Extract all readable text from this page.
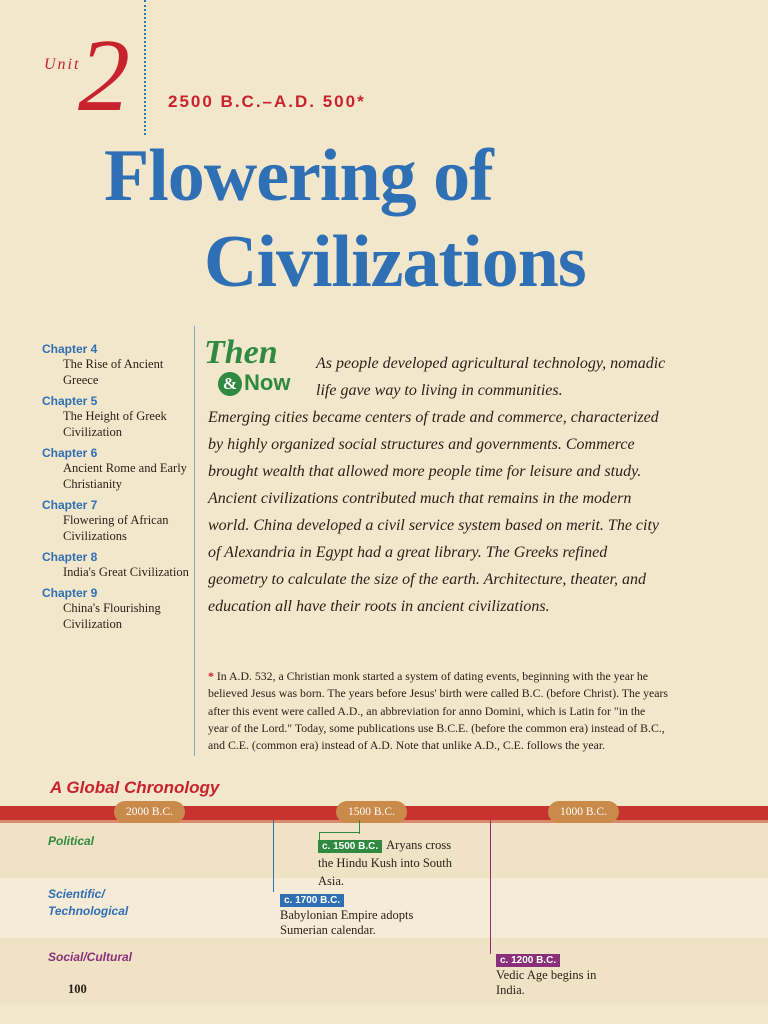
Unit
2 2500 B.C.–A.D. 500*
Flowering of
Civilizations
Chapter 4
The Rise of Ancient Greece
Chapter 5
The Height of Greek Civilization
Chapter 6
Ancient Rome and Early Christianity
Chapter 7
Flowering of African Civilizations
Chapter 8
India's Great Civilization
Chapter 9
China's Flourishing Civilization
Then
& Now
As people developed agricultural technology, nomadic life gave way to living in communities.
Emerging cities became centers of trade and commerce, characterized by highly organized social structures and governments. Commerce brought wealth that allowed more people time for leisure and study. Ancient civilizations contributed much that remains in the modern world. China developed a civil service system based on merit. The city of Alexandria in Egypt had a great library. The Greeks refined geometry to calculate the size of the earth. Architecture, theater, and education all have their roots in ancient civilizations.
* In A.D. 532, a Christian monk started a system of dating events, beginning with the year he believed Jesus was born. The years before Jesus' birth were called B.C. (before Christ). The years after this event were called A.D., an abbreviation for anno Domini, which is Latin for "in the year of the Lord." Today, some publications use B.C.E. (before the common era) instead of B.C., and C.E. (common era) instead of A.D. Note that unlike A.D., C.E. follows the year.
A Global Chronology
2000 B.C.	1500 B.C.	1000 B.C.
Political
Scientific/ Technological
Social/Cultural
c. 1500 B.C. Aryans cross the Hindu Kush into South Asia.
c. 1700 B.C.
Babylonian Empire adopts Sumerian calendar.
c. 1200 B.C.
Vedic Age begins in India.
100
